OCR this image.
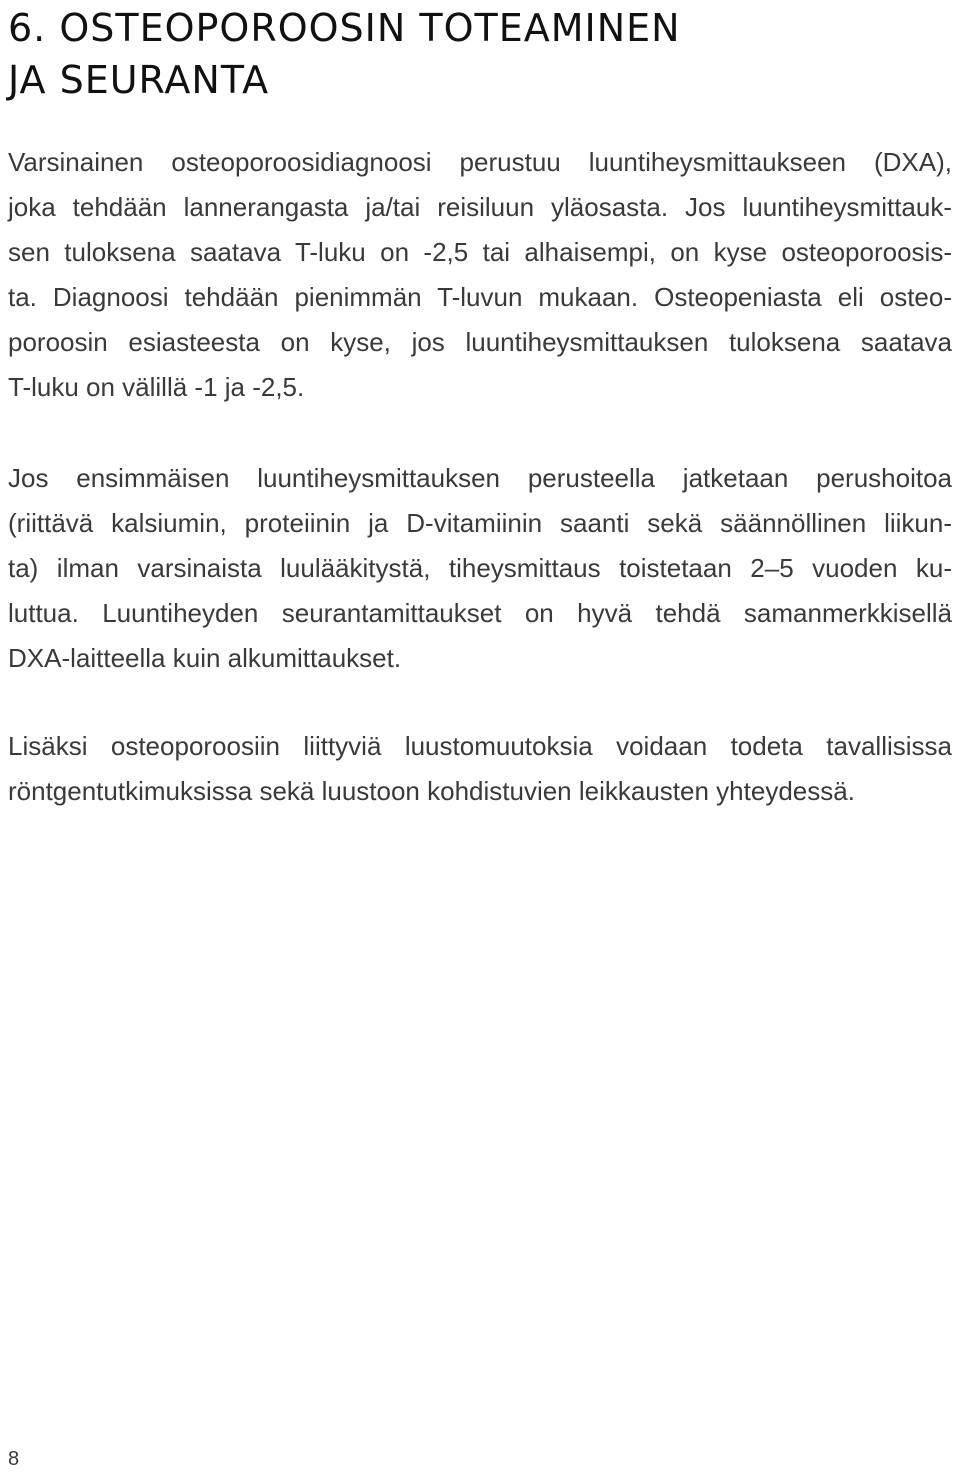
6. OSTEOPOROOSIN TOTEAMINEN
JA SEURANTA

Varsinainen osteoporoosidiagnoosi perustuu luuntiheysmittaukseen (DXA),
joka tehdään lannerangasta ja/tai reisiluun yläosasta. Jos luuntiheysmittauk-
sen tuloksena saatava T-luku on -2,5 tai alhaisempi, on kyse osteoporoosis-
ta. Diagnoosi tehdään pienimmän T-luvun mukaan. Osteopeniasta eli osteo-
poroosin esiasteesta on kyse, jos luuntiheysmittauksen tuloksena saatava
T-luku on välillä -1 ja -2,5.

Jos ensimmäisen luuntiheysmittauksen perusteella jatketaan perushoitoa
(riittävä kalsiumin, proteiinin ja D-vitamiinin saanti sekä säännöllinen liikun-
ta) ilman varsinaista luulääkitystä, tiheysmittaus toistetaan 2–5 vuoden ku-
luttua. Luuntiheyden seurantamittaukset on hyvä tehdä samanmerkkisellä
DXA-laitteella kuin alkumittaukset.

Lisäksi osteoporoosiin liittyviä luustomuutoksia voidaan todeta tavallisissa
röntgentutkimuksissa sekä luustoon kohdistuvien leikkausten yhteydessä.

8
